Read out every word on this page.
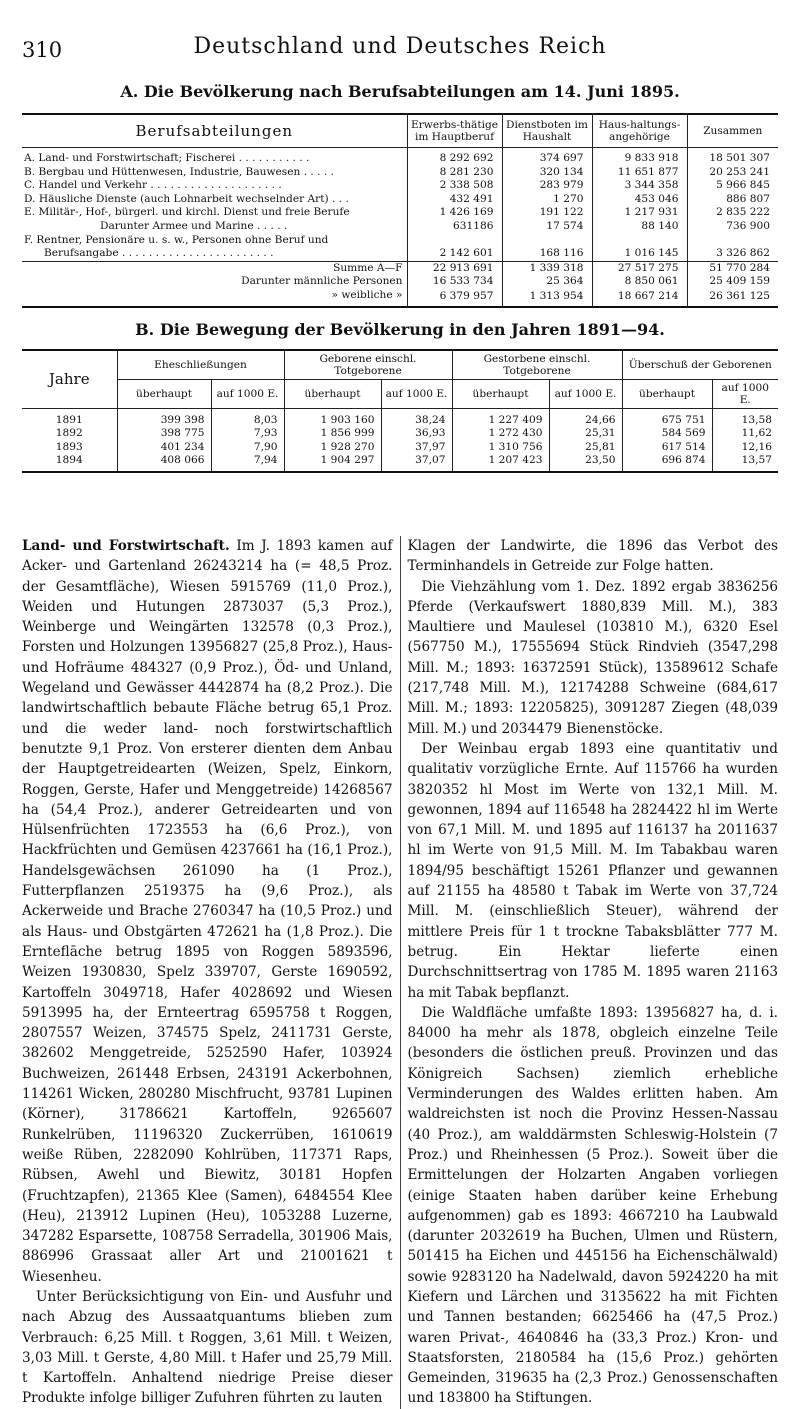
310	Deutschland und Deutsches Reich
A. Die Bevölkerung nach Berufsabteilungen am 14. Juni 1895.
Berufsabteilungen	Erwerbs-thätige im Hauptberuf	Dienstboten im Haushalt	Haus-haltungs-angehörige	Zusammen
A. Land- und Forstwirtschaft; Fischerei . . . . . . . . . . .	8 292 692	374 697	9 833 918	18 501 307
B. Bergbau und Hüttenwesen, Industrie, Bauwesen . . . . .	8 281 230	320 134	11 651 877	20 253 241
C. Handel und Verkehr . . . . . . . . . . . . . . . . . . . .	2 338 508	283 979	3 344 358	5 966 845
D. Häusliche Dienste (auch Lohnarbeit wechselnder Art) . . .	432 491	1 270	453 046	886 807
E. Militär-, Hof-, bürgerl. und kirchl. Dienst und freie Berufe	1 426 169	191 122	1 217 931	2 835 222
Darunter Armee und Marine . . . . .	631186	17 574	88 140	736 900
F. Rentner, Pensionäre u. s. w., Personen ohne Beruf und				
Berufsangabe . . . . . . . . . . . . . . . . . . . . . . .	2 142 601	168 116	1 016 145	3 326 862
Summe A—F	22 913 691	1 339 318	27 517 275	51 770 284
Darunter männliche Personen	16 533 734	25 364	8 850 061	25 409 159
» weibliche »	6 379 957	1 313 954	18 667 214	26 361 125
B. Die Bewegung der Bevölkerung in den Jahren 1891—94.
Jahre	Eheschließungen		Geborene einschl. Totgeborene		Gestorbene einschl. Totgeborene		Überschuß der Geborenen	
	überhaupt	auf 1000 E.	überhaupt	auf 1000 E.	überhaupt	auf 1000 E.	überhaupt	auf 1000 E.
1891	399 398	8,03	1 903 160	38,24	1 227 409	24,66	675 751	13,58
1892	398 775	7,93	1 856 999	36,93	1 272 430	25,31	584 569	11,62
1893	401 234	7,90	1 928 270	37,97	1 310 756	25,81	617 514	12,16
1894	408 066	7,94	1 904 297	37,07	1 207 423	23,50	696 874	13,57

Land- und Forstwirtschaft. Im J. 1893 kamen auf Acker- und Gartenland 26243214 ha (= 48,5 Proz. der Gesamtfläche), Wiesen 5915769 (11,0 Proz.), Weiden und Hutungen 2873037 (5,3 Proz.), Weinberge und Weingärten 132578 (0,3 Proz.), Forsten und Holzungen 13956827 (25,8 Proz.), Haus- und Hofräume 484327 (0,9 Proz.), Öd- und Unland, Wegeland und Gewässer 4442874 ha (8,2 Proz.). Die landwirtschaftlich bebaute Fläche betrug 65,1 Proz. und die weder land- noch forstwirtschaftlich benutzte 9,1 Proz. Von ersterer dienten dem Anbau der Hauptgetreidearten (Weizen, Spelz, Einkorn, Roggen, Gerste, Hafer und Menggetreide) 14268567 ha (54,4 Proz.), anderer Getreidearten und von Hülsenfrüchten 1723553 ha (6,6 Proz.), von Hackfrüchten und Gemüsen 4237661 ha (16,1 Proz.), Handelsgewächsen 261090 ha (1 Proz.), Futterpflanzen 2519375 ha (9,6 Proz.), als Ackerweide und Brache 2760347 ha (10,5 Proz.) und als Haus- und Obstgärten 472621 ha (1,8 Proz.). Die Ernteflāche betrug 1895 von Roggen 5893596, Weizen 1930830, Spelz 339707, Gerste 1690592, Kartoffeln 3049718, Hafer 4028692 und Wiesen 5913995 ha, der Ernteertrag 6595758 t Roggen, 2807557 Weizen, 374575 Spelz, 2411731 Gerste, 382602 Menggetreide, 5252590 Hafer, 103924 Buchweizen, 261448 Erbsen, 243191 Ackerbohnen, 114261 Wicken, 280280 Mischfrucht, 93781 Lupinen (Körner), 31786621 Kartoffeln, 9265607 Runkelrüben, 11196320 Zuckerrüben, 1610619 weiße Rüben, 2282090 Kohlrüben, 117371 Raps, Rübsen, Awehl und Biewitz, 30181 Hopfen (Fruchtzapfen), 21365 Klee (Samen), 6484554 Klee (Heu), 213912 Lupinen (Heu), 1053288 Luzerne, 347282 Esparsette, 108758 Serradella, 301906 Mais, 886996 Grassaat aller Art und 21001621 t Wiesenheu.

Unter Berücksichtigung von Ein- und Ausfuhr und nach Abzug des Aussaatquantums blieben zum Verbrauch: 6,25 Mill. t Roggen, 3,61 Mill. t Weizen, 3,03 Mill. t Gerste, 4,80 Mill. t Hafer und 25,79 Mill. t Kartoffeln. Anhaltend niedrige Preise dieser Produkte infolge billiger Zufuhren führten zu lauten

Klagen der Landwirte, die 1896 das Verbot des Terminhandels in Getreide zur Folge hatten.

Die Viehzählung vom 1. Dez. 1892 ergab 3836256 Pferde (Verkaufswert 1880,839 Mill. M.), 383 Maultiere und Maulesel (103810 M.), 6320 Esel (567750 M.), 17555694 Stück Rindvieh (3547,298 Mill. M.; 1893: 16372591 Stück), 13589612 Schafe (217,748 Mill. M.), 12174288 Schweine (684,617 Mill. M.; 1893: 12205825), 3091287 Ziegen (48,039 Mill. M.) und 2034479 Bienenstöcke.

Der Weinbau ergab 1893 eine quantitativ und qualitativ vorzügliche Ernte. Auf 115766 ha wurden 3820352 hl Most im Werte von 132,1 Mill. M. gewonnen, 1894 auf 116548 ha 2824422 hl im Werte von 67,1 Mill. M. und 1895 auf 116137 ha 2011637 hl im Werte von 91,5 Mill. M. Im Tabakbau waren 1894/95 beschäftigt 15261 Pflanzer und gewannen auf 21155 ha 48580 t Tabak im Werte von 37,724 Mill. M. (einschließlich Steuer), während der mittlere Preis für 1 t trockne Tabaksblätter 777 M. betrug. Ein Hektar lieferte einen Durchschnittsertrag von 1785 M. 1895 waren 21163 ha mit Tabak bepflanzt.

Die Waldfläche umfaßte 1893: 13956827 ha, d. i. 84000 ha mehr als 1878, obgleich einzelne Teile (besonders die östlichen preuß. Provinzen und das Königreich Sachsen) ziemlich erhebliche Verminderungen des Waldes erlitten haben. Am waldreichsten ist noch die Provinz Hessen-Nassau (40 Proz.), am walddärmsten Schleswig-Holstein (7 Proz.) und Rheinhessen (5 Proz.). Soweit über die Ermittelungen der Holzarten Angaben vorliegen (einige Staaten haben darüber keine Erhebung aufgenommen) gab es 1893: 4667210 ha Laubwald (darunter 2032619 ha Buchen, Ulmen und Rüstern, 501415 ha Eichen und 445156 ha Eichenschälwald) sowie 9283120 ha Nadelwald, davon 5924220 ha mit Kiefern und Lärchen und 3135622 ha mit Fichten und Tannen bestanden; 6625466 ha (47,5 Proz.) waren Privat-, 4640846 ha (33,3 Proz.) Kron- und Staatsforsten, 2180584 ha (15,6 Proz.) gehörten Gemeinden, 319635 ha (2,3 Proz.) Genossenschaften und 183800 ha Stiftungen.
